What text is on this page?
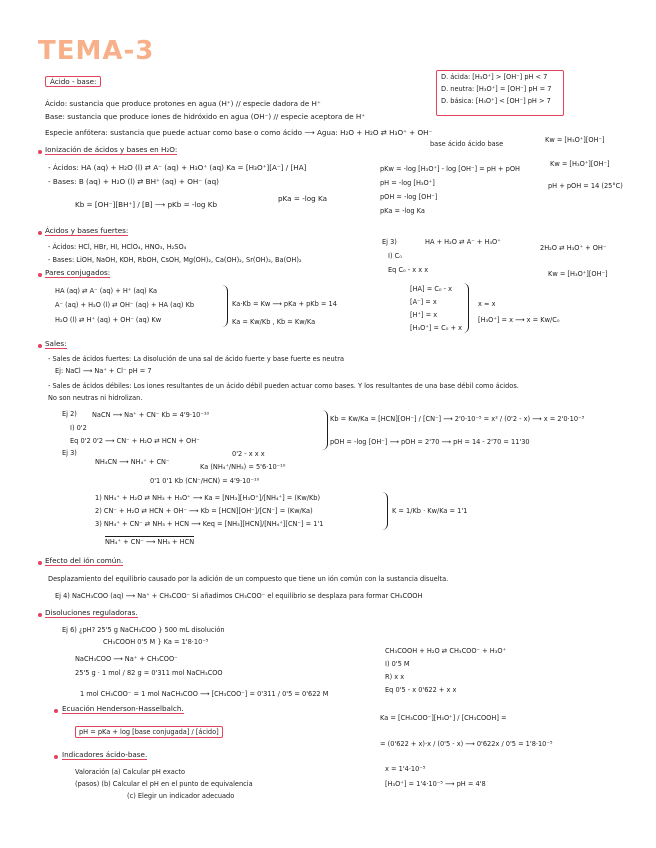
TEMA-3
Ácido - base:	D. ácida: [H₃O⁺] > [OH⁻] pH < 7
D. neutra: [H₃O⁺] = [OH⁻] pH = 7
D. básica: [H₃O⁺] < [OH⁻] pH > 7
Ácido: sustancia que produce protones en agua (H⁺) // especie dadora de H⁺
Base: sustancia que produce iones de hidróxido en agua (OH⁻) // especie aceptora de H⁺
Especie anfótera: sustancia que puede actuar como base o como ácido ⟶ Agua: H₂O + H₂O ⇄ H₃O⁺ + OH⁻
base ácido ácido base	Kw = [H₃O⁺][OH⁻]
Kw = [H₃O⁺][OH⁻]
pH + pOH = 14 (25°C)
Ionización de ácidos y bases en H₂O:
- Ácidos: HA (aq) + H₂O (l) ⇄ A⁻ (aq) + H₃O⁺ (aq) Ka = [H₃O⁺][A⁻] / [HA]
- Bases: B (aq) + H₂O (l) ⇄ BH⁺ (aq) + OH⁻ (aq)
Kb = [OH⁻][BH⁺] / [B] ⟶ pKb = -log Kb
pKa = -log Ka
pKw = -log [H₃O⁺] - log [OH⁻] = pH + pOH
pH = -log [H₃O⁺]
pOH = -log [OH⁻]
pKa = -log Ka
Ácidos y bases fuertes:
- Ácidos: HCl, HBr, HI, HClO₄, HNO₃, H₂SO₄
- Bases: LiOH, NaOH, KOH, RbOH, CsOH, Mg(OH)₂, Ca(OH)₂, Sr(OH)₂, Ba(OH)₂
Ej 3)	HA + H₂O ⇄ A⁻ + H₃O⁺
I) C₀
Eq C₀ - x x x
[HA] = C₀ - x
[A⁻] = x
[H⁺] = x
[H₃O⁺] = C₀ + x
x ≈ x
[H₃O⁺] = x ⟶ x = Kw/C₀
2H₂O ⇄ H₃O⁺ + OH⁻
Kw = [H₃O⁺][OH⁻]
Pares conjugados:
HA (aq) ⇄ A⁻ (aq) + H⁺ (aq) Ka
A⁻ (aq) + H₂O (l) ⇄ OH⁻ (aq) + HA (aq) Kb
H₂O (l) ⇄ H⁺ (aq) + OH⁻ (aq) Kw
Ka·Kb = Kw ⟶ pKa + pKb = 14
Ka = Kw/Kb , Kb = Kw/Ka
Sales:
- Sales de ácidos fuertes: La disolución de una sal de ácido fuerte y base fuerte es neutra
Ej: NaCl ⟶ Na⁺ + Cl⁻ pH = 7
- Sales de ácidos débiles: Los iones resultantes de un ácido débil pueden actuar como bases. Y los resultantes de una base débil como ácidos.
No son neutras ni hidrolizan.
Ej 2) NaCN ⟶ Na⁺ + CN⁻ Kb = 4'9·10⁻¹⁰
I) 0'2
Eq 0'2 0'2 ⟶ CN⁻ + H₂O ⇄ HCN + OH⁻
0'2 - x x x
Kb = Kw/Ka = [HCN][OH⁻] / [CN⁻] ⟶ 2'0·10⁻⁵ = x² / (0'2 - x) ⟶ x = 2'0·10⁻³
pOH = -log [OH⁻] ⟶ pOH = 2'70 ⟶ pH = 14 - 2'70 = 11'30
Ej 3)
NH₄CN ⟶ NH₄⁺ + CN⁻
Ka (NH₄⁺/NH₃) = 5'6·10⁻¹⁰
0'1 0'1 Kb (CN⁻/HCN) = 4'9·10⁻¹⁰
1) NH₄⁺ + H₂O ⇄ NH₃ + H₃O⁺ ⟶ Ka = [NH₃][H₃O⁺]/[NH₄⁺] = (Kw/Kb)
2) CN⁻ + H₂O ⇄ HCN + OH⁻ ⟶ Kb = [HCN][OH⁻]/[CN⁻] = (Kw/Ka)
3) NH₄⁺ + CN⁻ ⇄ NH₃ + HCN ⟶ Keq = [NH₃][HCN]/[NH₄⁺][CN⁻] = 1'1
NH₄⁺ + CN⁻ ⟶ NH₃ + HCN
K = 1/Kb · Kw/Ka = 1'1
Efecto del ión común.
Desplazamiento del equilibrio causado por la adición de un compuesto que tiene un ión común con la sustancia disuelta.
Ej 4) NaCH₃COO (aq) ⟶ Na⁺ + CH₃COO⁻ Si añadimos CH₃COO⁻ el equilibrio se desplaza para formar CH₃COOH
Disoluciones reguladoras.
Ej 6) ¿pH? 25'5 g NaCH₃COO } 500 mL disolución
CH₃COOH 0'5 M } Ka = 1'8·10⁻⁵
NaCH₃COO ⟶ Na⁺ + CH₃COO⁻
25'5 g · 1 mol / 82 g = 0'311 mol NaCH₃COO
1 mol CH₃COO⁻ = 1 mol NaCH₃COO ⟶ [CH₃COO⁻] = 0'311 / 0'5 = 0'622 M
CH₃COOH + H₂O ⇄ CH₃COO⁻ + H₃O⁺
I) 0'5 M
R) x x
Eq 0'5 - x 0'622 + x x
Ka = [CH₃COO⁻][H₃O⁺] / [CH₃COOH] =
= (0'622 + x)·x / (0'5 - x) ⟶ 0'622x / 0'5 = 1'8·10⁻⁵
x = 1'4·10⁻⁵
[H₃O⁺] = 1'4·10⁻⁵ ⟶ pH = 4'8
Ecuación Henderson-Hasselbalch.
pH = pKa + log [base conjugada] / [ácido]
Indicadores ácido-base.
Valoración (a) Calcular pH exacto
(pasos) (b) Calcular el pH en el punto de equivalencia
(c) Elegir un indicador adecuado
